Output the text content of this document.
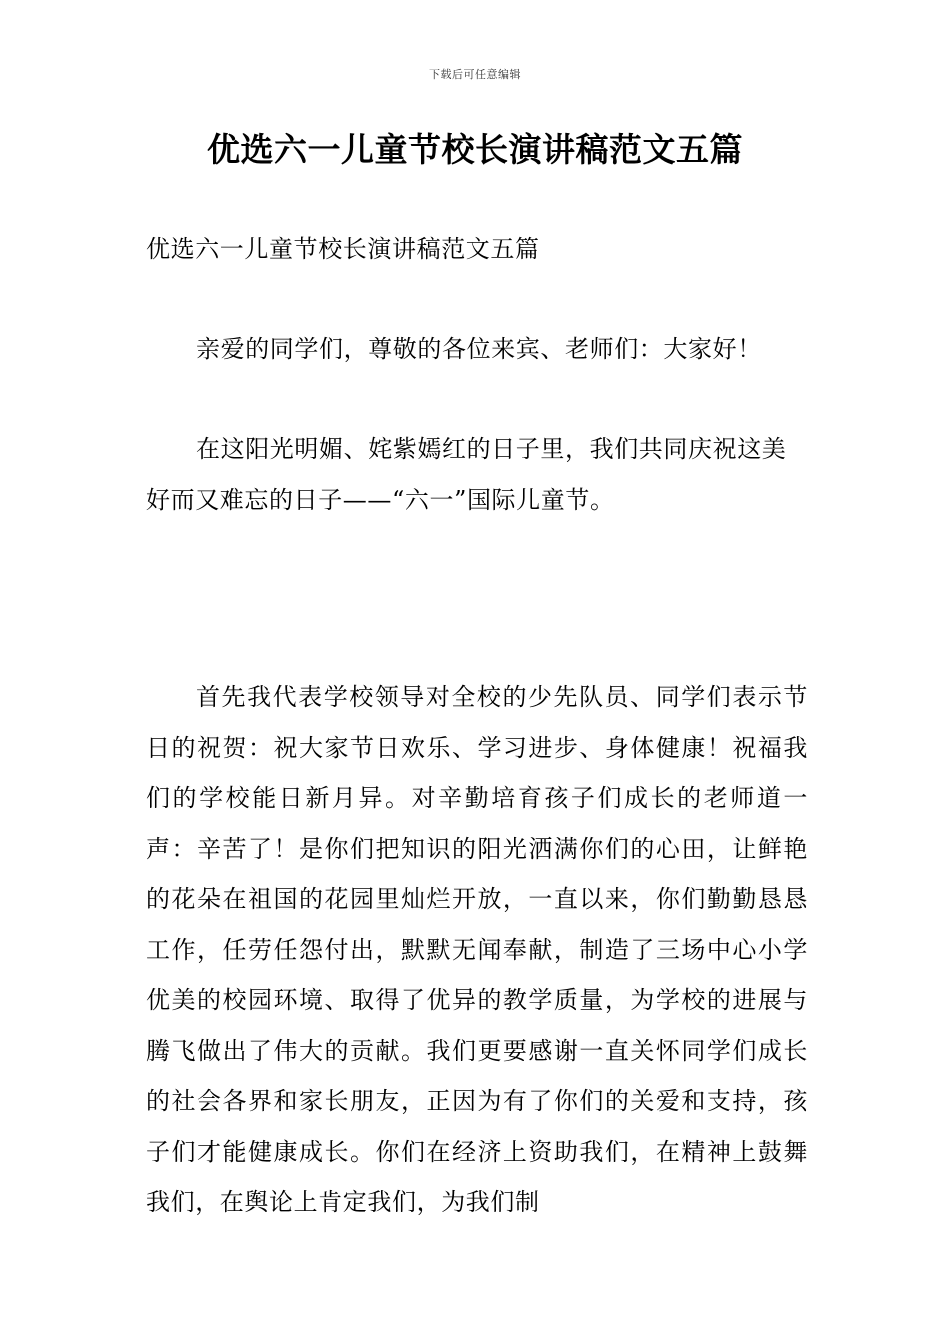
下载后可任意编辑
优选六一儿童节校长演讲稿范文五篇

优选六一儿童节校长演讲稿范文五篇

亲爱的同学们，尊敬的各位来宾、老师们：大家好！

在这阳光明媚、姹紫嫣红的日子里，我们共同庆祝这美好而又难忘的日子——“六一”国际儿童节。

首先我代表学校领导对全校的少先队员、同学们表示节日的祝贺：祝大家节日欢乐、学习进步、身体健康！祝福我们的学校能日新月异。对辛勤培育孩子们成长的老师道一声：辛苦了！是你们把知识的阳光洒满你们的心田，让鲜艳的花朵在祖国的花园里灿烂开放，一直以来，你们勤勤恳恳工作，任劳任怨付出，默默无闻奉献，制造了三场中心小学优美的校园环境、取得了优异的教学质量，为学校的进展与腾飞做出了伟大的贡献。我们更要感谢一直关怀同学们成长的社会各界和家长朋友，正因为有了你们的关爱和支持，孩子们才能健康成长。你们在经济上资助我们，在精神上鼓舞我们，在舆论上肯定我们，为我们制
